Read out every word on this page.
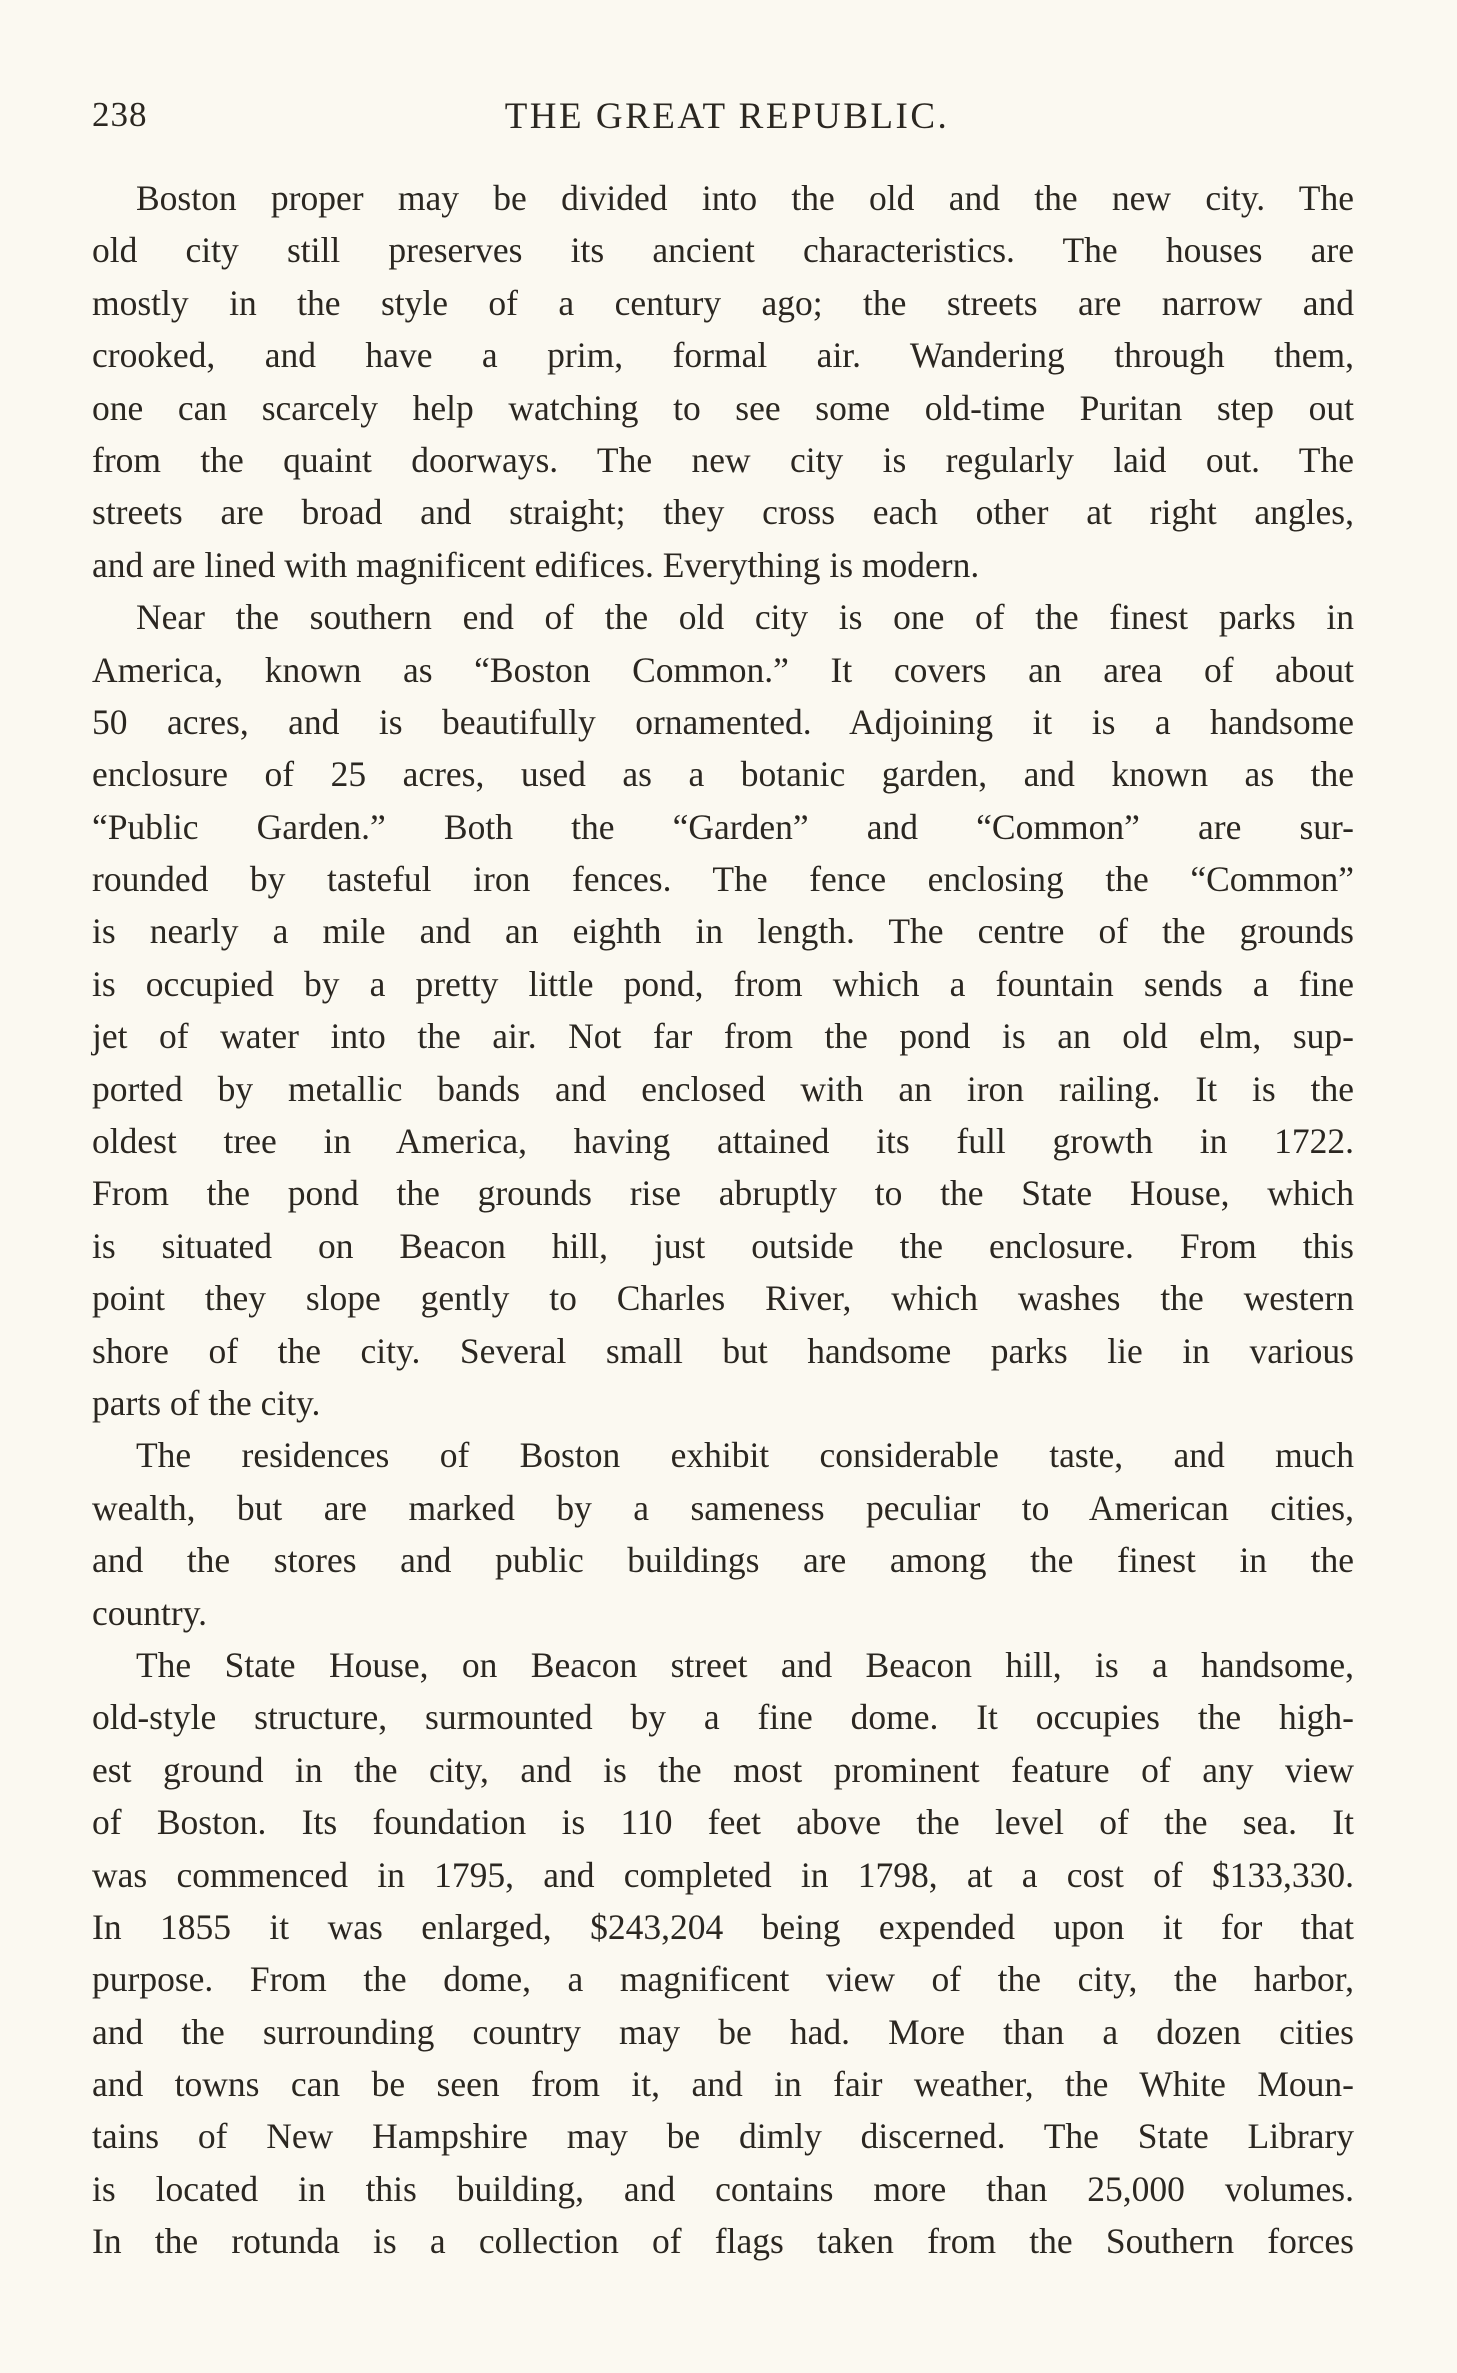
238	THE GREAT REPUBLIC.
Boston proper may be divided into the old and the new city. The
old city still preserves its ancient characteristics. The houses are
mostly in the style of a century ago; the streets are narrow and
crooked, and have a prim, formal air. Wandering through them,
one can scarcely help watching to see some old-time Puritan step out
from the quaint doorways. The new city is regularly laid out. The
streets are broad and straight; they cross each other at right angles,
and are lined with magnificent edifices. Everything is modern.
Near the southern end of the old city is one of the finest parks in
America, known as “Boston Common.” It covers an area of about
50 acres, and is beautifully ornamented. Adjoining it is a handsome
enclosure of 25 acres, used as a botanic garden, and known as the
“Public Garden.” Both the “Garden” and “Common” are sur-
rounded by tasteful iron fences. The fence enclosing the “Common”
is nearly a mile and an eighth in length. The centre of the grounds
is occupied by a pretty little pond, from which a fountain sends a fine
jet of water into the air. Not far from the pond is an old elm, sup-
ported by metallic bands and enclosed with an iron railing. It is the
oldest tree in America, having attained its full growth in 1722.
From the pond the grounds rise abruptly to the State House, which
is situated on Beacon hill, just outside the enclosure. From this
point they slope gently to Charles River, which washes the western
shore of the city. Several small but handsome parks lie in various
parts of the city.
The residences of Boston exhibit considerable taste, and much
wealth, but are marked by a sameness peculiar to American cities,
and the stores and public buildings are among the finest in the
country.
The State House, on Beacon street and Beacon hill, is a handsome,
old-style structure, surmounted by a fine dome. It occupies the high-
est ground in the city, and is the most prominent feature of any view
of Boston. Its foundation is 110 feet above the level of the sea. It
was commenced in 1795, and completed in 1798, at a cost of $133,330.
In 1855 it was enlarged, $243,204 being expended upon it for that
purpose. From the dome, a magnificent view of the city, the harbor,
and the surrounding country may be had. More than a dozen cities
and towns can be seen from it, and in fair weather, the White Moun-
tains of New Hampshire may be dimly discerned. The State Library
is located in this building, and contains more than 25,000 volumes.
In the rotunda is a collection of flags taken from the Southern forces
